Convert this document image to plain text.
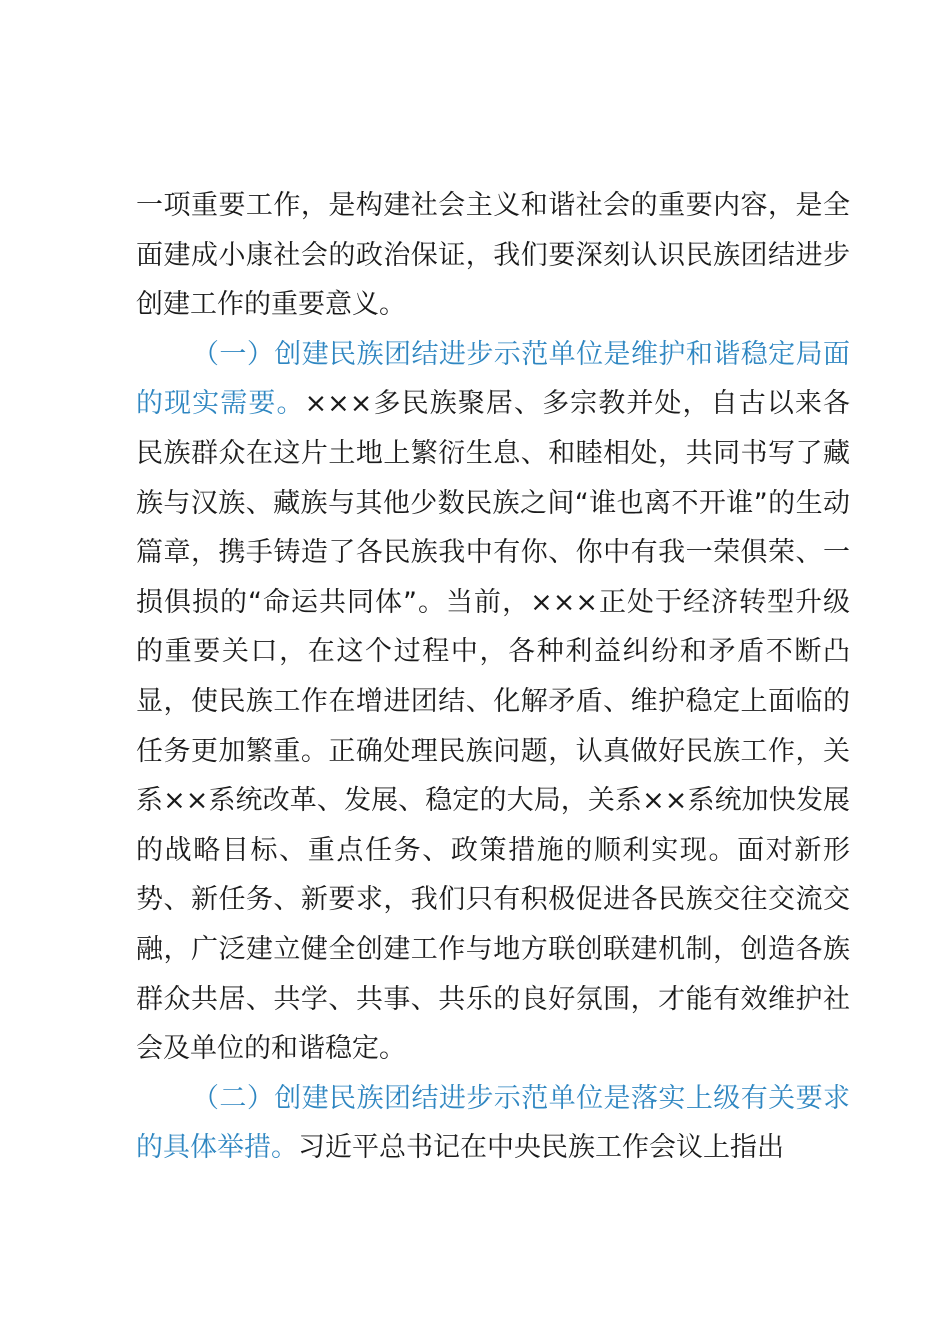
一项重要工作，是构建社会主义和谐社会的重要内容，是全面建成小康社会的政治保证，我们要深刻认识民族团结进步创建工作的重要意义。

（一）创建民族团结进步示范单位是维护和谐稳定局面的现实需要。×××多民族聚居、多宗教并处，自古以来各民族群众在这片土地上繁衍生息、和睦相处，共同书写了藏族与汉族、藏族与其他少数民族之间“谁也离不开谁”的生动篇章，携手铸造了各民族我中有你、你中有我一荣俱荣、一损俱损的“命运共同体”。当前，×××正处于经济转型升级的重要关口，在这个过程中，各种利益纠纷和矛盾不断凸显，使民族工作在增进团结、化解矛盾、维护稳定上面临的任务更加繁重。正确处理民族问题，认真做好民族工作，关系××系统改革、发展、稳定的大局，关系××系统加快发展的战略目标、重点任务、政策措施的顺利实现。面对新形势、新任务、新要求，我们只有积极促进各民族交往交流交融，广泛建立健全创建工作与地方联创联建机制，创造各族群众共居、共学、共事、共乐的良好氛围，才能有效维护社会及单位的和谐稳定。

（二）创建民族团结进步示范单位是落实上级有关要求的具体举措。习近平总书记在中央民族工作会议上指出
